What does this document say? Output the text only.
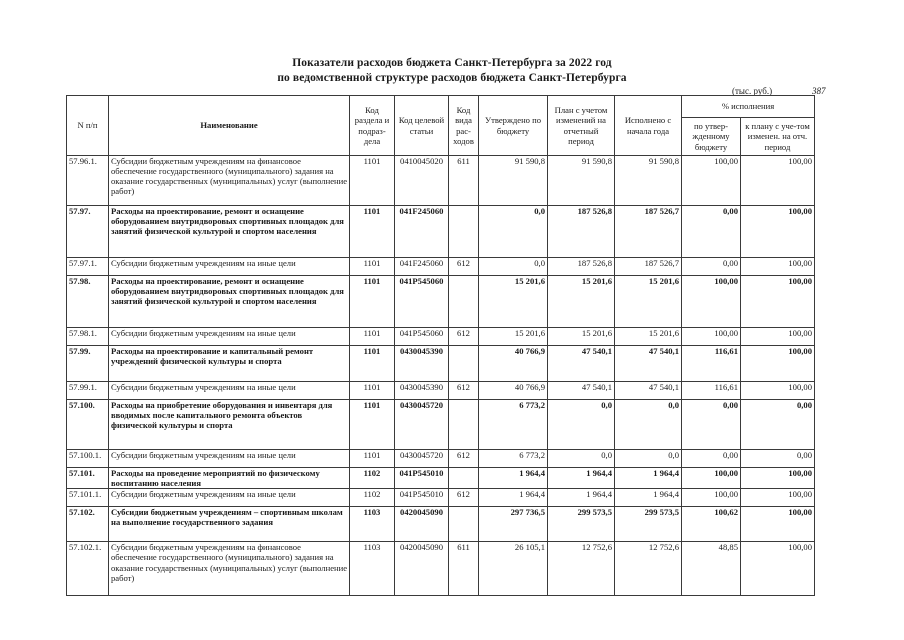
Показатели расходов бюджета Санкт-Петербурга за 2022 год
по ведомственной структуре расходов бюджета Санкт-Петербурга
(тыс. руб.)	387
N п/п	Наименование	Код раздела и подраз-дела	Код целевой статьи	Код вида рас-ходов	Утверждено по бюджету	План с учетом изменений на отчетный период	Исполнено с начала года	% исполнения	
								по утвер-жденному бюджету	к плану с уче-том изменен. на отч. период
57.96.1.	Субсидии бюджетным учреждениям на финансовое обеспечение государственного (муниципального) задания на оказание государственных (муниципальных) услуг (выполнение работ)	1101	0410045020	611	91 590,8	91 590,8	91 590,8	100,00	100,00
57.97.	Расходы на проектирование, ремонт и оснащение оборудованием внутридворовых спортивных площадок для занятий физической культурой и спортом населения	1101	041F245060		0,0	187 526,8	187 526,7	0,00	100,00
57.97.1.	Субсидии бюджетным учреждениям на иные цели	1101	041F245060	612	0,0	187 526,8	187 526,7	0,00	100,00
57.98.	Расходы на проектирование, ремонт и оснащение оборудованием внутридворовых спортивных площадок для занятий физической культурой и спортом населения	1101	041P545060		15 201,6	15 201,6	15 201,6	100,00	100,00
57.98.1.	Субсидии бюджетным учреждениям на иные цели	1101	041P545060	612	15 201,6	15 201,6	15 201,6	100,00	100,00
57.99.	Расходы на проектирование и капитальный ремонт учреждений физической культуры и спорта	1101	0430045390		40 766,9	47 540,1	47 540,1	116,61	100,00
57.99.1.	Субсидии бюджетным учреждениям на иные цели	1101	0430045390	612	40 766,9	47 540,1	47 540,1	116,61	100,00
57.100.	Расходы на приобретение оборудования и инвентаря для вводимых после капитального ремонта объектов физической культуры и спорта	1101	0430045720		6 773,2	0,0	0,0	0,00	0,00
57.100.1.	Субсидии бюджетным учреждениям на иные цели	1101	0430045720	612	6 773,2	0,0	0,0	0,00	0,00
57.101.	Расходы на проведение мероприятий по физическому воспитанию населения	1102	041P545010		1 964,4	1 964,4	1 964,4	100,00	100,00
57.101.1.	Субсидии бюджетным учреждениям на иные цели	1102	041P545010	612	1 964,4	1 964,4	1 964,4	100,00	100,00
57.102.	Субсидии бюджетным учреждениям – спортивным школам на выполнение государственного задания	1103	0420045090		297 736,5	299 573,5	299 573,5	100,62	100,00
57.102.1.	Субсидии бюджетным учреждениям на финансовое обеспечение государственного (муниципального) задания на оказание государственных (муниципальных) услуг (выполнение работ)	1103	0420045090	611	26 105,1	12 752,6	12 752,6	48,85	100,00
